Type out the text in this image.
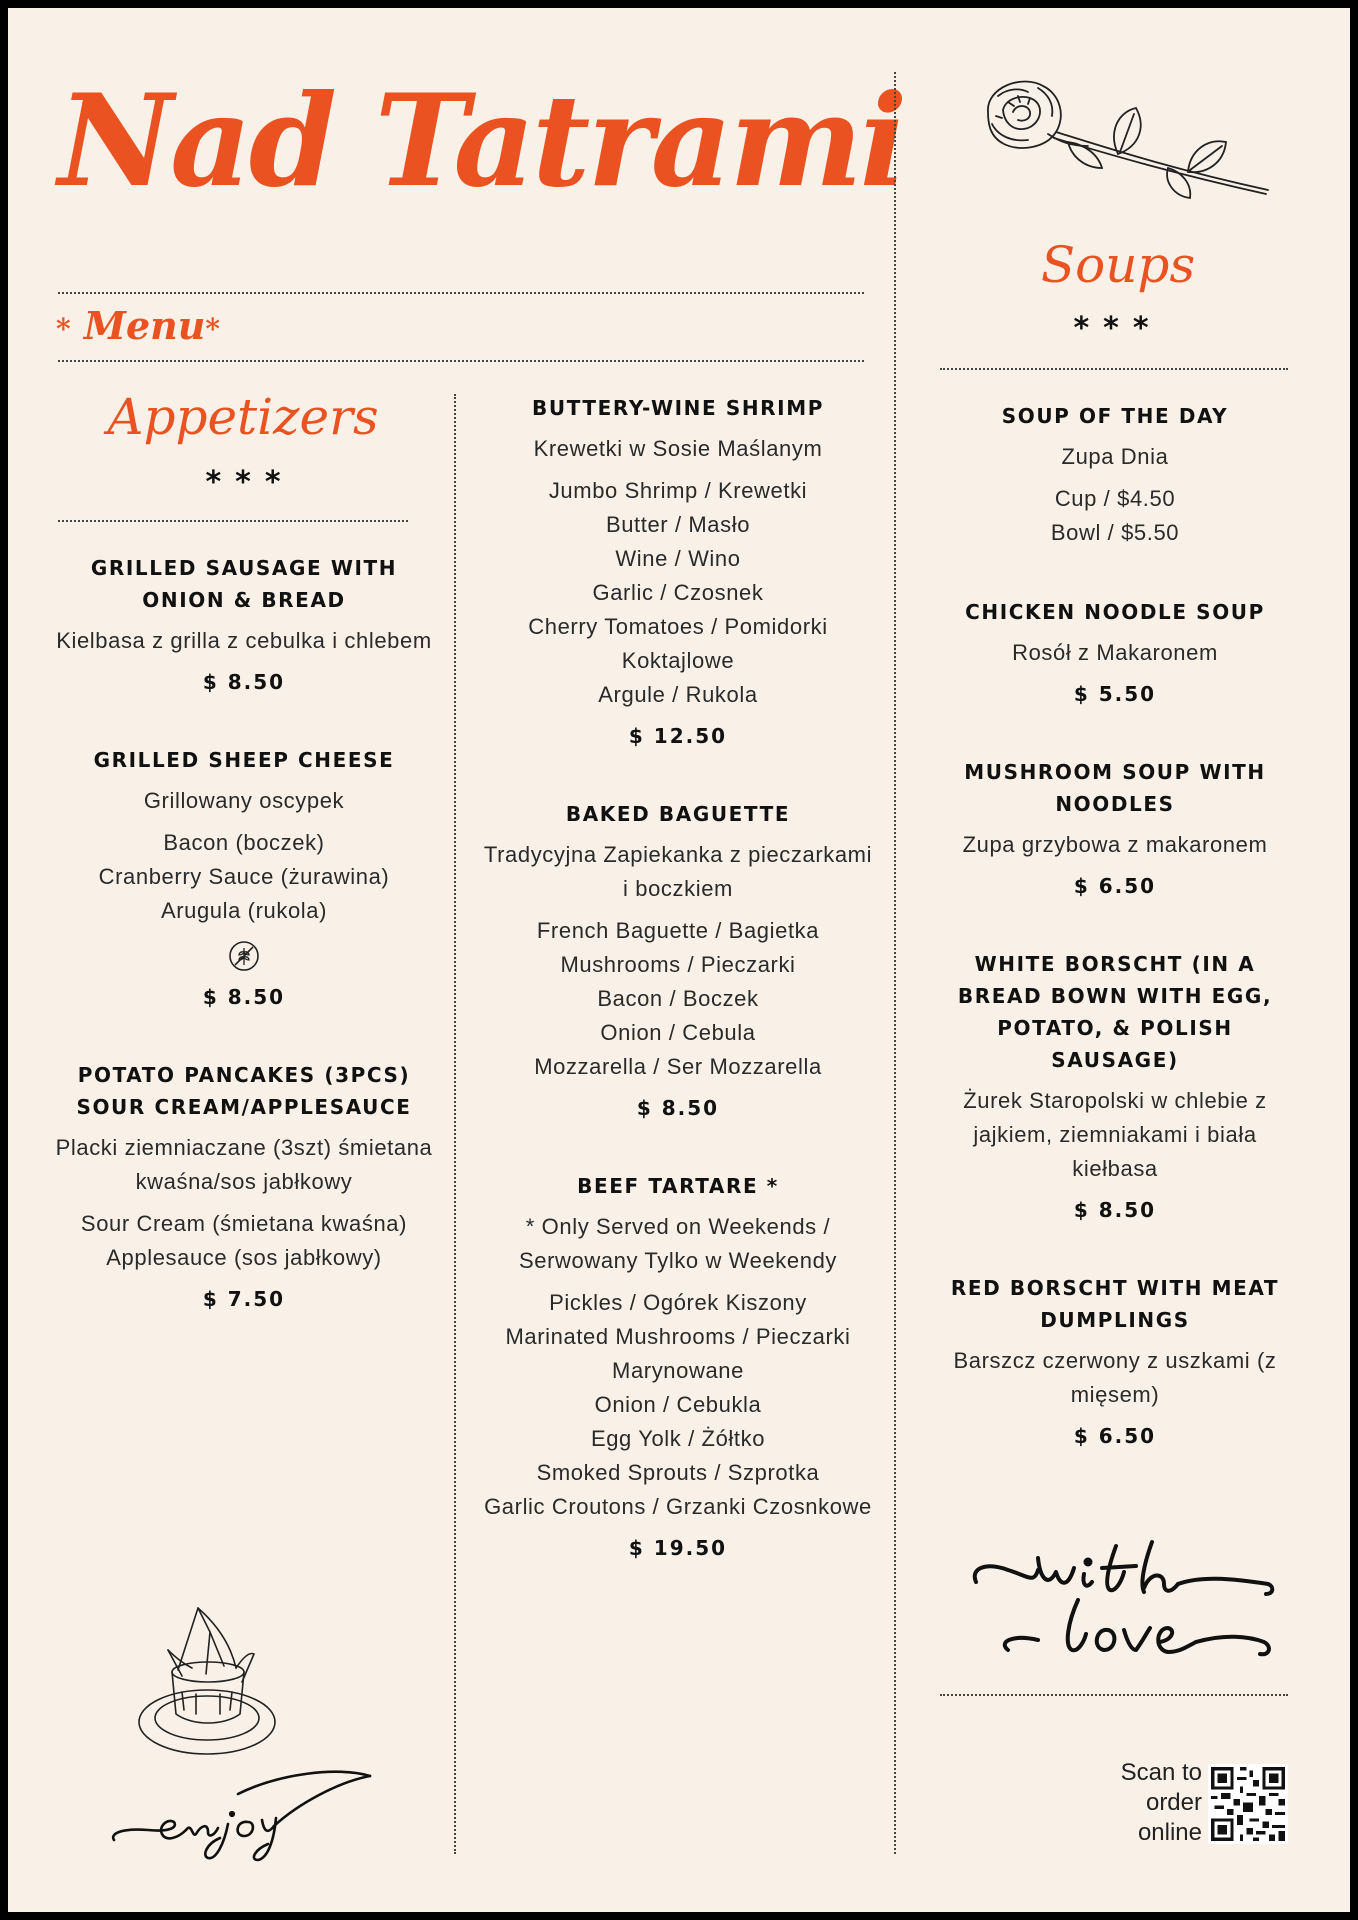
Nad Tatrami
* Menu*
Appetizers
***
GRILLED SAUSAGE WITH ONION & BREAD

Kielbasa z grilla z cebulka i chlebem

$ 8.50

GRILLED SHEEP CHEESE

Grillowany oscypek

Bacon (boczek)
Cranberry Sauce (żurawina)
Arugula (rukola)

$ 8.50

POTATO PANCAKES (3PCS) SOUR CREAM/APPLESAUCE

Placki ziemniaczane (3szt) śmietana kwaśna/sos jabłkowy

Sour Cream (śmietana kwaśna)
Applesauce (sos jabłkowy)

$ 7.50

BUTTERY-WINE SHRIMP

Krewetki w Sosie Maślanym

Jumbo Shrimp / Krewetki
Butter / Masło
Wine / Wino
Garlic / Czosnek
Cherry Tomatoes / Pomidorki Koktajlowe
Argule / Rukola

$ 12.50

BAKED BAGUETTE

Tradycyjna Zapiekanka z pieczarkami i boczkiem

French Baguette / Bagietka
Mushrooms / Pieczarki
Bacon / Boczek
Onion / Cebula
Mozzarella / Ser Mozzarella

$ 8.50

BEEF TARTARE *

* Only Served on Weekends / Serwowany Tylko w Weekendy

Pickles / Ogórek Kiszony
Marinated Mushrooms / Pieczarki Marynowane
Onion / Cebukla
Egg Yolk / Żółtko
Smoked Sprouts / Szprotka
Garlic Croutons / Grzanki Czosnkowe

$ 19.50

Soups
***
SOUP OF THE DAY

Zupa Dnia

Cup / $4.50
Bowl / $5.50
CHICKEN NOODLE SOUP

Rosół z Makaronem

$ 5.50

MUSHROOM SOUP WITH NOODLES

Zupa grzybowa z makaronem

$ 6.50

WHITE BORSCHT (IN A BREAD BOWN WITH EGG, POTATO, & POLISH SAUSAGE)

Żurek Staropolski w chlebie z jajkiem, ziemniakami i biała kiełbasa

$ 8.50

RED BORSCHT WITH MEAT DUMPLINGS

Barszcz czerwony z uszkami (z mięsem)

$ 6.50

Scan to
order
online
